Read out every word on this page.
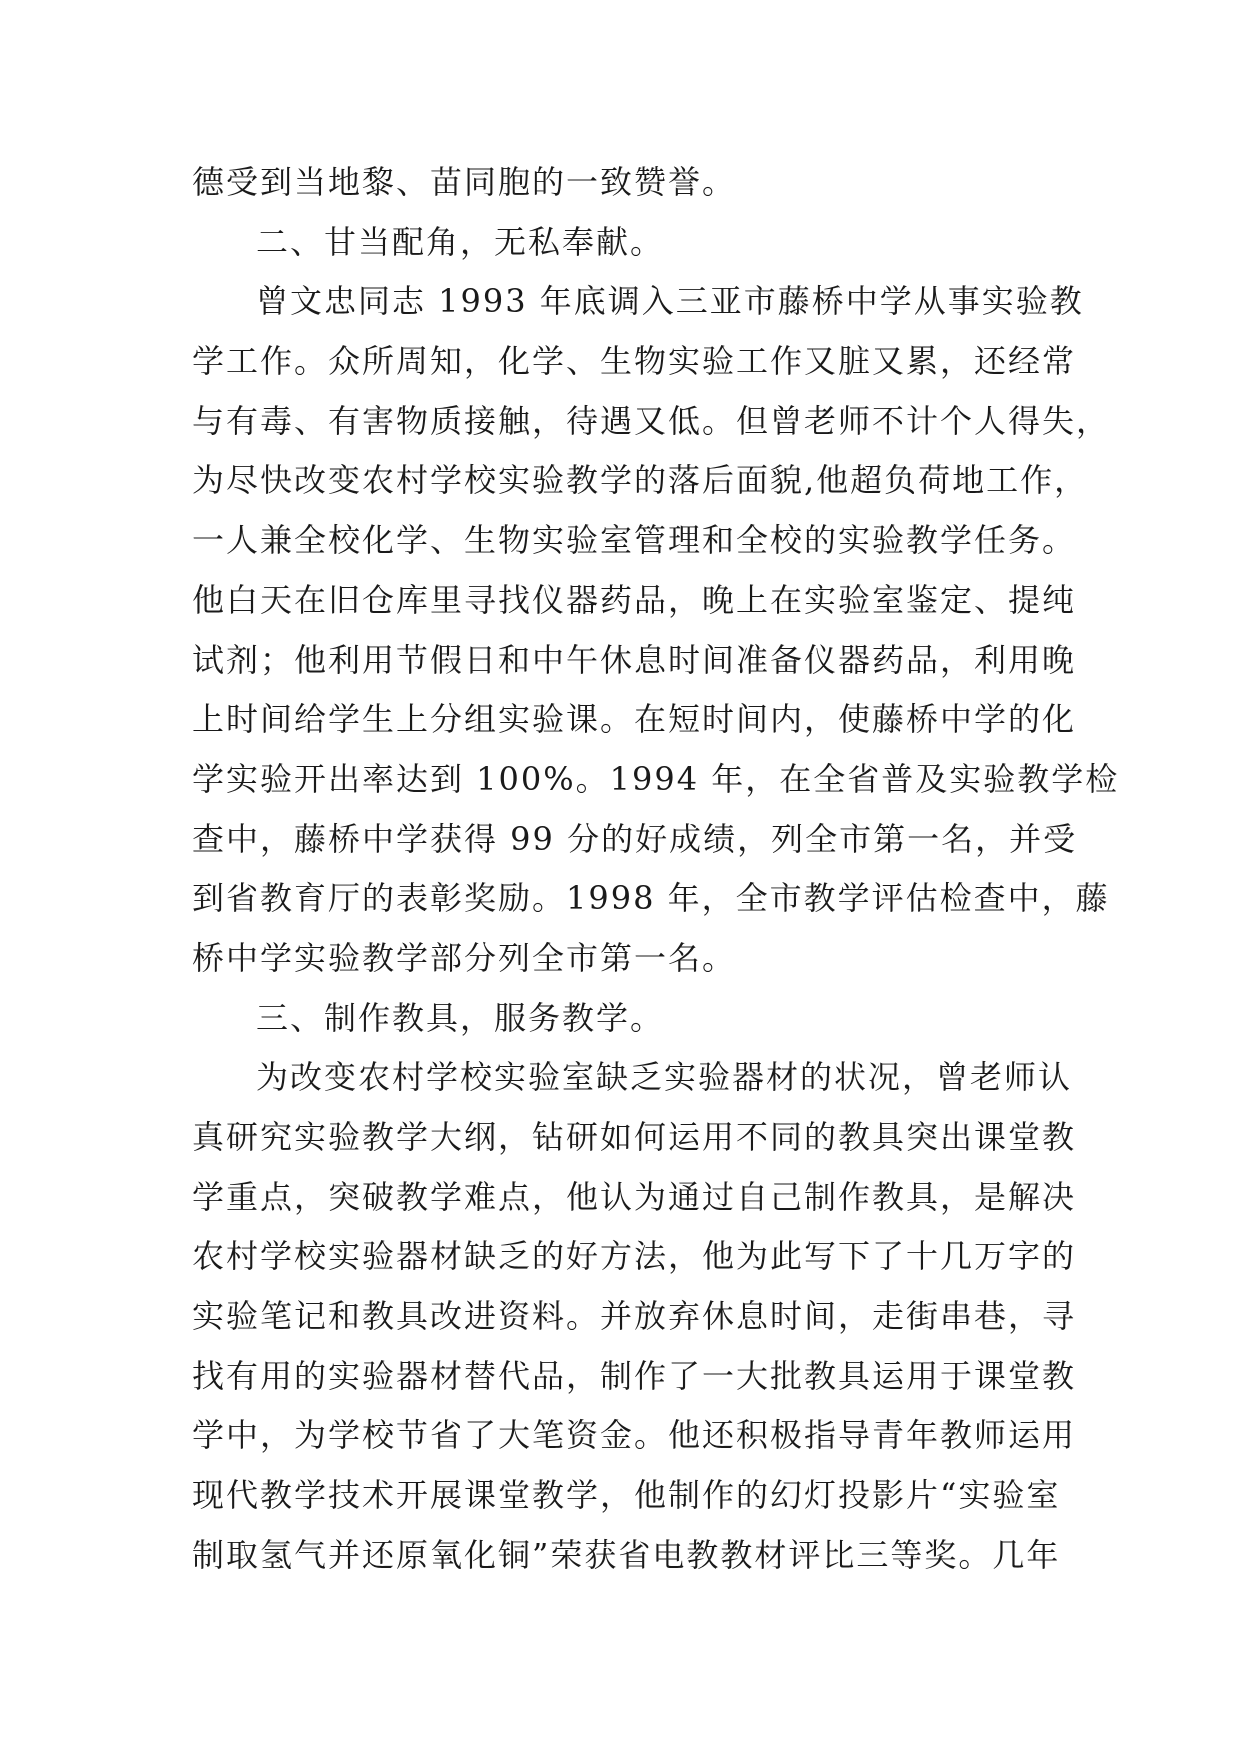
德受到当地黎、苗同胞的一致赞誉。
二、甘当配角，无私奉献。
曾文忠同志 1993 年底调入三亚市藤桥中学从事实验教
学工作。众所周知，化学、生物实验工作又脏又累，还经常
与有毒、有害物质接触，待遇又低。但曾老师不计个人得失，
为尽快改变农村学校实验教学的落后面貌,他超负荷地工作，
一人兼全校化学、生物实验室管理和全校的实验教学任务。
他白天在旧仓库里寻找仪器药品，晚上在实验室鉴定、提纯
试剂；他利用节假日和中午休息时间准备仪器药品，利用晚
上时间给学生上分组实验课。在短时间内，使藤桥中学的化
学实验开出率达到 100%。1994 年，在全省普及实验教学检
查中，藤桥中学获得 99 分的好成绩，列全市第一名，并受
到省教育厅的表彰奖励。1998 年，全市教学评估检查中，藤
桥中学实验教学部分列全市第一名。
三、制作教具，服务教学。
为改变农村学校实验室缺乏实验器材的状况，曾老师认
真研究实验教学大纲，钻研如何运用不同的教具突出课堂教
学重点，突破教学难点，他认为通过自己制作教具，是解决
农村学校实验器材缺乏的好方法，他为此写下了十几万字的
实验笔记和教具改进资料。并放弃休息时间，走街串巷，寻
找有用的实验器材替代品，制作了一大批教具运用于课堂教
学中，为学校节省了大笔资金。他还积极指导青年教师运用
现代教学技术开展课堂教学，他制作的幻灯投影片“实验室
制取氢气并还原氧化铜”荣获省电教教材评比三等奖。几年
